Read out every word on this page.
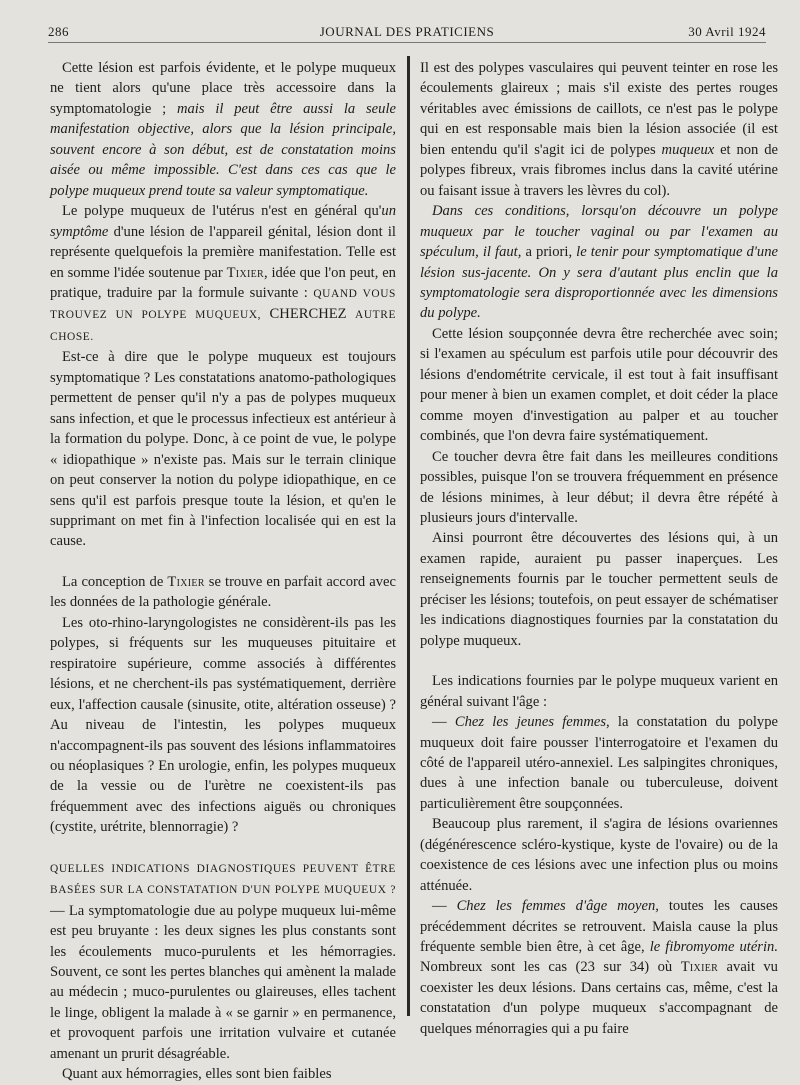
286	JOURNAL DES PRATICIENS	30 Avril 1924

Cette lésion est parfois évidente, et le polype muqueux ne tient alors qu'une place très accessoire dans la symptomatologie ; mais il peut être aussi la seule manifestation objective, alors que la lésion principale, souvent encore à son début, est de constatation moins aisée ou même impossible. C'est dans ces cas que le polype muqueux prend toute sa valeur symptomatique.

Le polype muqueux de l'utérus n'est en général qu'un symptôme d'une lésion de l'appareil génital, lésion dont il représente quelquefois la première manifestation. Telle est en somme l'idée soutenue par Tixier, idée que l'on peut, en pratique, traduire par la formule suivante : QUAND VOUS TROUVEZ UN POLYPE MUQUEUX, CHERCHEZ AUTRE CHOSE.

Est-ce à dire que le polype muqueux est toujours symptomatique ? Les constatations anatomo-pathologiques permettent de penser qu'il n'y a pas de polypes muqueux sans infection, et que le processus infectieux est antérieur à la formation du polype. Donc, à ce point de vue, le polype « idiopathique » n'existe pas. Mais sur le terrain clinique on peut conserver la notion du polype idiopathique, en ce sens qu'il est parfois presque toute la lésion, et qu'en le supprimant on met fin à l'infection localisée qui en est la cause.

La conception de Tixier se trouve en parfait accord avec les données de la pathologie générale.

Les oto-rhino-laryngologistes ne considèrent-ils pas les polypes, si fréquents sur les muqueuses pituitaire et respiratoire supérieure, comme associés à différentes lésions, et ne cherchent-ils pas systématiquement, derrière eux, l'affection causale (sinusite, otite, altération osseuse) ? Au niveau de l'intestin, les polypes muqueux n'accompagnent-ils pas souvent des lésions inflammatoires ou néoplasiques ? En urologie, enfin, les polypes muqueux de la vessie ou de l'urètre ne coexistent-ils pas fréquemment avec des infections aiguës ou chroniques (cystite, urétrite, blennorragie) ?

QUELLES INDICATIONS DIAGNOSTIQUES PEUVENT ÊTRE BASÉES SUR LA CONSTATATION D'UN POLYPE MUQUEUX ? — La symptomatologie due au polype muqueux lui-même est peu bruyante : les deux signes les plus constants sont les écoulements muco-purulents et les hémorragies. Souvent, ce sont les pertes blanches qui amènent la malade au médecin ; muco-purulentes ou glaireuses, elles tachent le linge, obligent la malade à « se garnir » en permanence, et provoquent parfois une irritation vulvaire et cutanée amenant un prurit désagréable.

Quant aux hémorragies, elles sont bien faibles

Il est des polypes vasculaires qui peuvent teinter en rose les écoulements glaireux ; mais s'il existe des pertes rouges véritables avec émissions de caillots, ce n'est pas le polype qui en est responsable mais bien la lésion associée (il est bien entendu qu'il s'agit ici de polypes muqueux et non de polypes fibreux, vrais fibromes inclus dans la cavité utérine ou faisant issue à travers les lèvres du col).

Dans ces conditions, lorsqu'on découvre un polype muqueux par le toucher vaginal ou par l'examen au spéculum, il faut, a priori, le tenir pour symptomatique d'une lésion sus-jacente. On y sera d'autant plus enclin que la symptomatologie sera disproportionnée avec les dimensions du polype.

Cette lésion soupçonnée devra être recherchée avec soin; si l'examen au spéculum est parfois utile pour découvrir des lésions d'endométrite cervicale, il est tout à fait insuffisant pour mener à bien un examen complet, et doit céder la place comme moyen d'investigation au palper et au toucher combinés, que l'on devra faire systématiquement.

Ce toucher devra être fait dans les meilleures conditions possibles, puisque l'on se trouvera fréquemment en présence de lésions minimes, à leur début; il devra être répété à plusieurs jours d'intervalle.

Ainsi pourront être découvertes des lésions qui, à un examen rapide, auraient pu passer inaperçues. Les renseignements fournis par le toucher permettent seuls de préciser les lésions; toutefois, on peut essayer de schématiser les indications diagnostiques fournies par la constatation du polype muqueux.

Les indications fournies par le polype muqueux varient en général suivant l'âge :

— Chez les jeunes femmes, la constatation du polype muqueux doit faire pousser l'interrogatoire et l'examen du côté de l'appareil utéro-annexiel. Les salpingites chroniques, dues à une infection banale ou tuberculeuse, doivent particulièrement être soupçonnées.

Beaucoup plus rarement, il s'agira de lésions ovariennes (dégénérescence scléro-kystique, kyste de l'ovaire) ou de la coexistence de ces lésions avec une infection plus ou moins atténuée.

— Chez les femmes d'âge moyen, toutes les causes précédemment décrites se retrouvent. Maisla cause la plus fréquente semble bien être, à cet âge, le fibromyome utérin. Nombreux sont les cas (23 sur 34) où Tixier avait vu coexister les deux lésions. Dans certains cas, même, c'est la constatation d'un polype muqueux s'accompagnant de quelques ménorragies qui a pu faire
